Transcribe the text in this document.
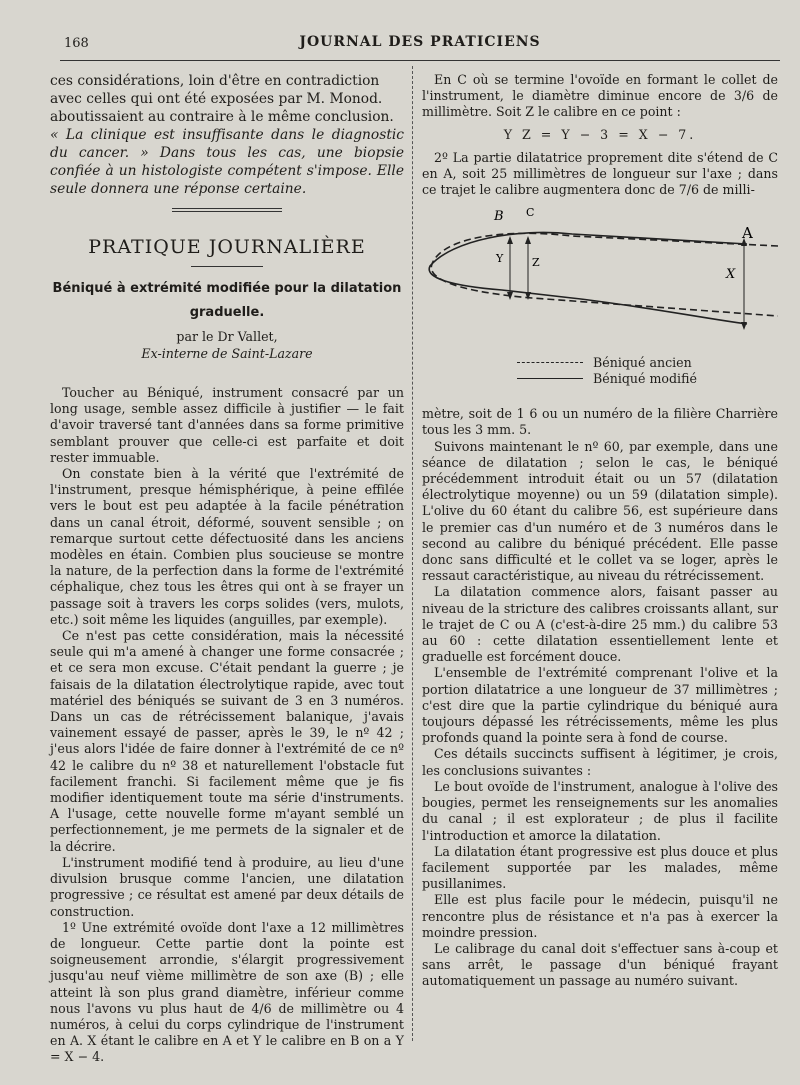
168	JOURNAL DES PRATICIENS

ces considérations, loin d'être en contradiction

avec celles qui ont été exposées par M. Monod.

aboutissaient au contraire à le même conclusion.

« La clinique est insuffisante dans le diagnostic du cancer. » Dans tous les cas, une biopsie confiée à un histologiste compétent s'impose. Elle seule donnera une réponse certaine.

PRATIQUE JOURNALIÈRE
Béniqué à extrémité modifiée pour la dilatation
graduelle.
par le Dr Vallet,
Ex-interne de Saint-Lazare

Toucher au Béniqué, instrument consacré par un long usage, semble assez difficile à justifier — le fait d'avoir traversé tant d'années dans sa forme primitive semblant prouver que celle-ci est parfaite et doit rester immuable.

On constate bien à la vérité que l'extrémité de l'instrument, presque hémisphérique, à peine effilée vers le bout est peu adaptée à la facile pénétration dans un canal étroit, déformé, souvent sensible ; on remarque surtout cette défectuosité dans les anciens modèles en étain. Combien plus soucieuse se montre la nature, de la perfection dans la forme de l'extrémité céphalique, chez tous les êtres qui ont à se frayer un passage soit à travers les corps solides (vers, mulots, etc.) soit même les liquides (anguilles, par exemple).

Ce n'est pas cette considération, mais la nécessité seule qui m'a amené à changer une forme consacrée ; et ce sera mon excuse. C'était pendant la guerre ; je faisais de la dilatation électrolytique rapide, avec tout matériel des béniqués se suivant de 3 en 3 numéros. Dans un cas de rétrécissement balanique, j'avais vainement essayé de passer, après le 39, le nº 42 ; j'eus alors l'idée de faire donner à l'extrémité de ce nº 42 le calibre du nº 38 et naturellement l'obstacle fut facilement franchi. Si facilement même que je fis modifier identiquement toute ma série d'instruments. A l'usage, cette nouvelle forme m'ayant semblé un perfectionnement, je me permets de la signaler et de la décrire.

L'instrument modifié tend à produire, au lieu d'une divulsion brusque comme l'ancien, une dilatation progressive ; ce résultat est amené par deux détails de construction.

1º Une extrémité ovoïde dont l'axe a 12 millimètres de longueur. Cette partie dont la pointe est soigneusement arrondie, s'élargit progressivement jusqu'au neuf vième millimètre de son axe (B) ; elle atteint là son plus grand diamètre, inférieur comme nous l'avons vu plus haut de 4/6 de millimètre ou 4 numéros, à celui du corps cylindrique de l'instrument en A. X étant le calibre en A et Y le calibre en B on a Y = X − 4.

En C où se termine l'ovoïde en formant le collet de l'instrument, le diamètre diminue encore de 3/6 de millimètre. Soit Z le calibre en ce point :

Y Z = Y − 3 = X − 7.

2º La partie dilatatrice proprement dite s'étend de C en A, soit 25 millimètres de longueur sur l'axe ; dans ce trajet le calibre augmentera donc de 7/6 de milli-

B C
A
X
Y	Z
Béniqué ancien
Béniqué modifié

mètre, soit de 1 6 ou un numéro de la filière Charrière tous les 3 mm. 5.

Suivons maintenant le nº 60, par exemple, dans une séance de dilatation ; selon le cas, le béniqué précédemment introduit était ou un 57 (dilatation électrolytique moyenne) ou un 59 (dilatation simple). L'olive du 60 étant du calibre 56, est supérieure dans le premier cas d'un numéro et de 3 numéros dans le second au calibre du béniqué précédent. Elle passe donc sans difficulté et le collet va se loger, après le ressaut caractéristique, au niveau du rétrécissement.

La dilatation commence alors, faisant passer au niveau de la stricture des calibres croissants allant, sur le trajet de C ou A (c'est-à-dire 25 mm.) du calibre 53 au 60 : cette dilatation essentiellement lente et graduelle est forcément douce.

L'ensemble de l'extrémité comprenant l'olive et la portion dilatatrice a une longueur de 37 millimètres ; c'est dire que la partie cylindrique du béniqué aura toujours dépassé les rétrécissements, même les plus profonds quand la pointe sera à fond de course.

Ces détails succincts suffisent à légitimer, je crois, les conclusions suivantes :

Le bout ovoïde de l'instrument, analogue à l'olive des bougies, permet les renseignements sur les anomalies du canal ; il est explorateur ; de plus il facilite l'introduction et amorce la dilatation.

La dilatation étant progressive est plus douce et plus facilement supportée par les malades, même pusillanimes.

Elle est plus facile pour le médecin, puisqu'il ne rencontre plus de résistance et n'a pas à exercer la moindre pression.

Le calibrage du canal doit s'effectuer sans à-coup et sans arrêt, le passage d'un béniqué frayant automatiquement un passage au numéro suivant.
